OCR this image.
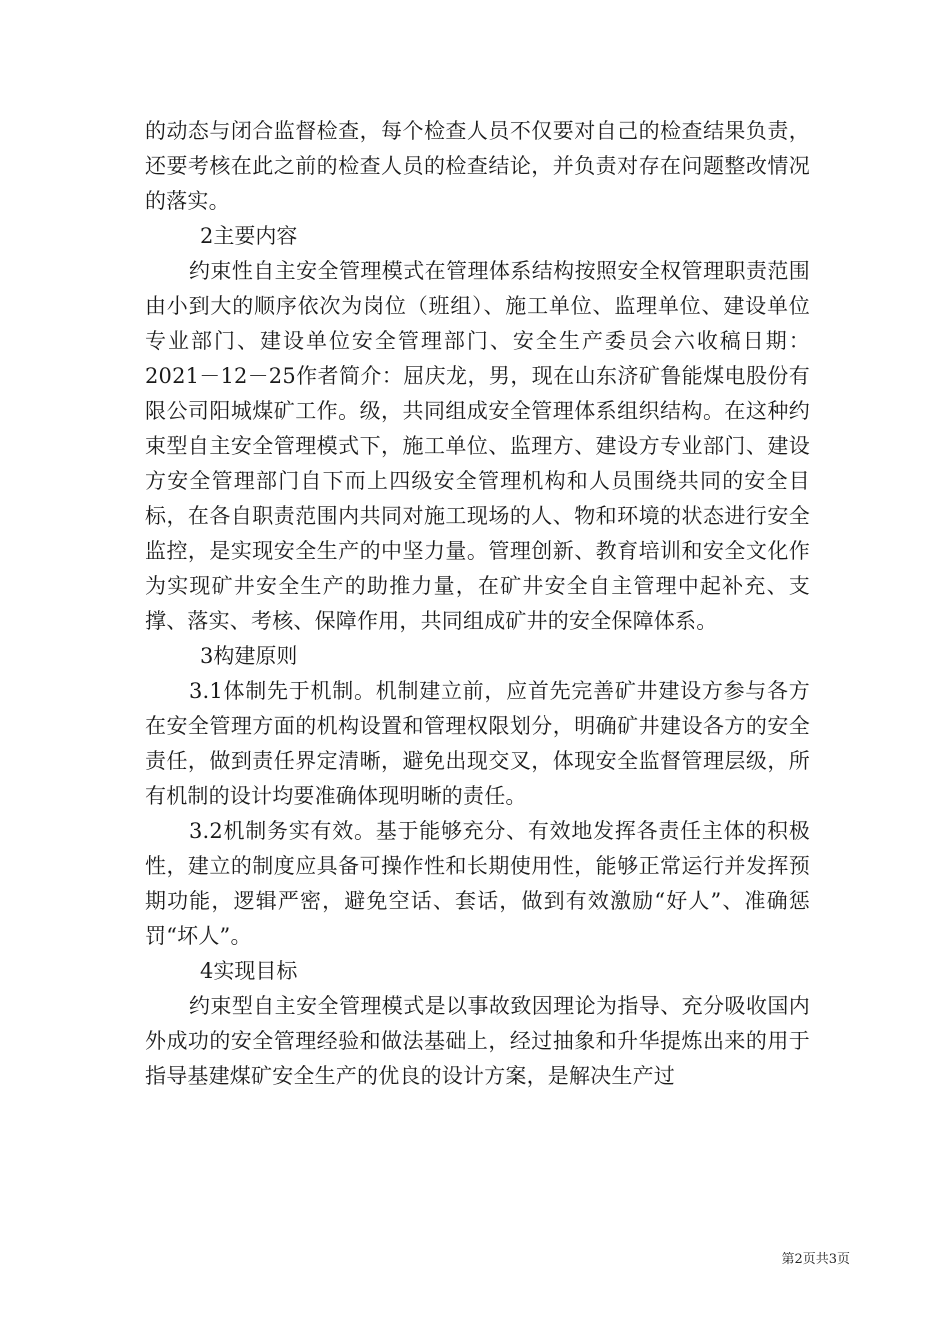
的动态与闭合监督检查，每个检查人员不仅要对自己的检查结果负责，还要考核在此之前的检查人员的检查结论，并负责对存在问题整改情况的落实。

2主要内容

约束性自主安全管理模式在管理体系结构按照安全权管理职责范围由小到大的顺序依次为岗位（班组）、施工单位、监理单位、建设单位专业部门、建设单位安全管理部门、安全生产委员会六收稿日期：2021－12－25作者简介：屈庆龙，男，现在山东济矿鲁能煤电股份有限公司阳城煤矿工作。级，共同组成安全管理体系组织结构。在这种约束型自主安全管理模式下，施工单位、监理方、建设方专业部门、建设方安全管理部门自下而上四级安全管理机构和人员围绕共同的安全目标，在各自职责范围内共同对施工现场的人、物和环境的状态进行安全监控，是实现安全生产的中坚力量。管理创新、教育培训和安全文化作为实现矿井安全生产的助推力量，在矿井安全自主管理中起补充、支撑、落实、考核、保障作用，共同组成矿井的安全保障体系。

3构建原则

3.1体制先于机制。机制建立前，应首先完善矿井建设方参与各方在安全管理方面的机构设置和管理权限划分，明确矿井建设各方的安全责任，做到责任界定清晰，避免出现交叉，体现安全监督管理层级，所有机制的设计均要准确体现明晰的责任。

3.2机制务实有效。基于能够充分、有效地发挥各责任主体的积极性，建立的制度应具备可操作性和长期使用性，能够正常运行并发挥预期功能，逻辑严密，避免空话、套话，做到有效激励“好人”、准确惩罚“坏人”。

4实现目标

约束型自主安全管理模式是以事故致因理论为指导、充分吸收国内外成功的安全管理经验和做法基础上，经过抽象和升华提炼出来的用于指导基建煤矿安全生产的优良的设计方案，是解决生产过

第2页共3页
